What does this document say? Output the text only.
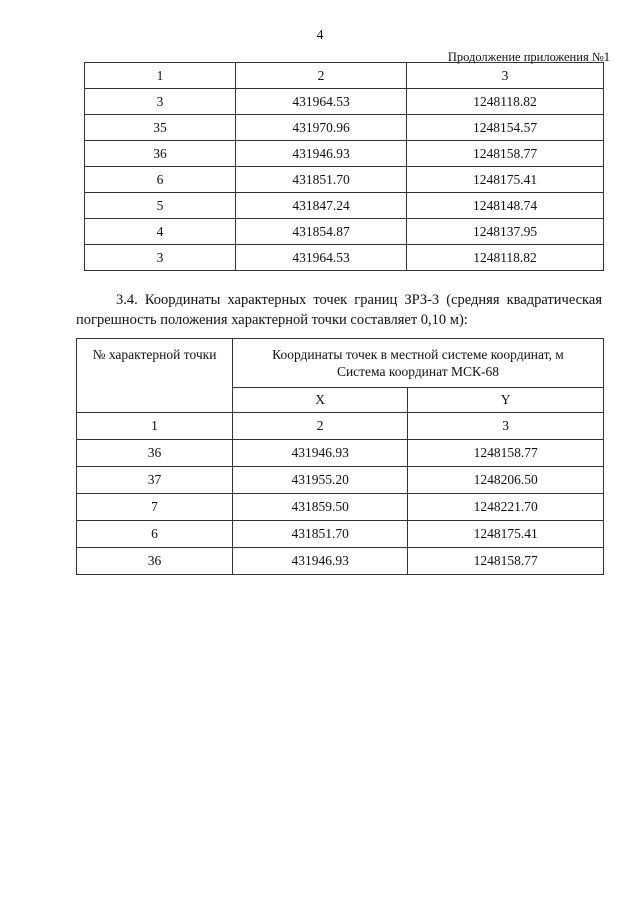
4
Продолжение приложения №1
1	2	3
3	431964.53	1248118.82
35	431970.96	1248154.57
36	431946.93	1248158.77
6	431851.70	1248175.41
5	431847.24	1248148.74
4	431854.87	1248137.95
3	431964.53	1248118.82
3.4. Координаты характерных точек границ ЗРЗ-3 (средняя квадратическая погрешность положения характерной точки составляет 0,10 м):
№ характерной точки	Координаты точек в местной системе координат, м
Система координат МСК-68	

	X	Y
1	2	3
36	431946.93	1248158.77
37	431955.20	1248206.50
7	431859.50	1248221.70
6	431851.70	1248175.41
36	431946.93	1248158.77
